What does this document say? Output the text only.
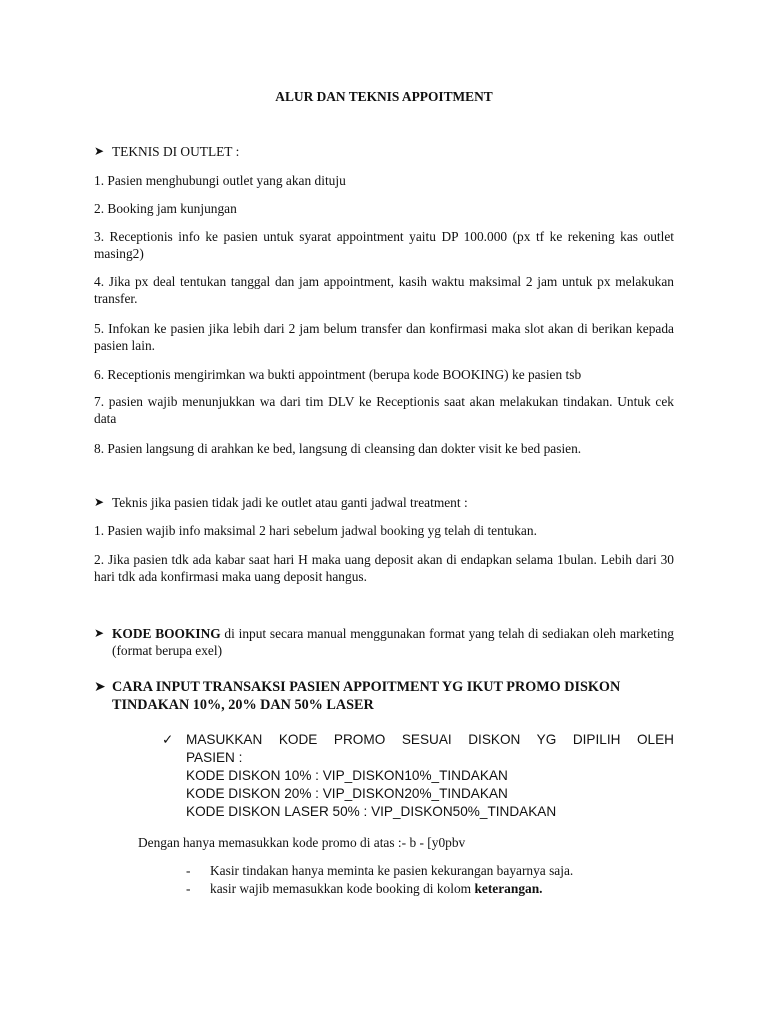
ALUR DAN TEKNIS APPOITMENT
➤ TEKNIS DI OUTLET :
1. Pasien menghubungi outlet yang akan dituju
2. Booking jam kunjungan
3. Receptionis info ke pasien untuk syarat appointment yaitu DP 100.000 (px tf ke rekening kas outlet masing2)
4. Jika px deal tentukan tanggal dan jam appointment, kasih waktu maksimal 2 jam untuk px melakukan transfer.
5. Infokan ke pasien jika lebih dari 2 jam belum transfer dan konfirmasi maka slot akan di berikan kepada pasien lain.
6. Receptionis mengirimkan wa bukti appointment (berupa kode BOOKING) ke pasien tsb
7. pasien wajib menunjukkan wa dari tim DLV ke Receptionis saat akan melakukan tindakan. Untuk cek data
8. Pasien langsung di arahkan ke bed, langsung di cleansing dan dokter visit ke bed pasien.
➤ Teknis jika pasien tidak jadi ke outlet atau ganti jadwal treatment :
1. Pasien wajib info maksimal 2 hari sebelum jadwal booking yg telah di tentukan.
2. Jika pasien tdk ada kabar saat hari H maka uang deposit akan di endapkan selama 1bulan. Lebih dari 30 hari tdk ada konfirmasi maka uang deposit hangus.
➤ KODE BOOKING di input secara manual menggunakan format yang telah di sediakan oleh marketing (format berupa exel)
➤ CARA INPUT TRANSAKSI PASIEN APPOITMENT YG IKUT PROMO DISKON TINDAKAN 10%, 20% DAN 50% LASER
✓ MASUKKAN KODE PROMO SESUAI DISKON YG DIPILIH OLEH
PASIEN :
KODE DISKON 10% : VIP_DISKON10%_TINDAKAN
KODE DISKON 20% : VIP_DISKON20%_TINDAKAN
KODE DISKON LASER 50% : VIP_DISKON50%_TINDAKAN
Dengan hanya memasukkan kode promo di atas :- b - [y0pbv
-	Kasir tindakan hanya meminta ke pasien kekurangan bayarnya saja.
-	kasir wajib memasukkan kode booking di kolom keterangan.
